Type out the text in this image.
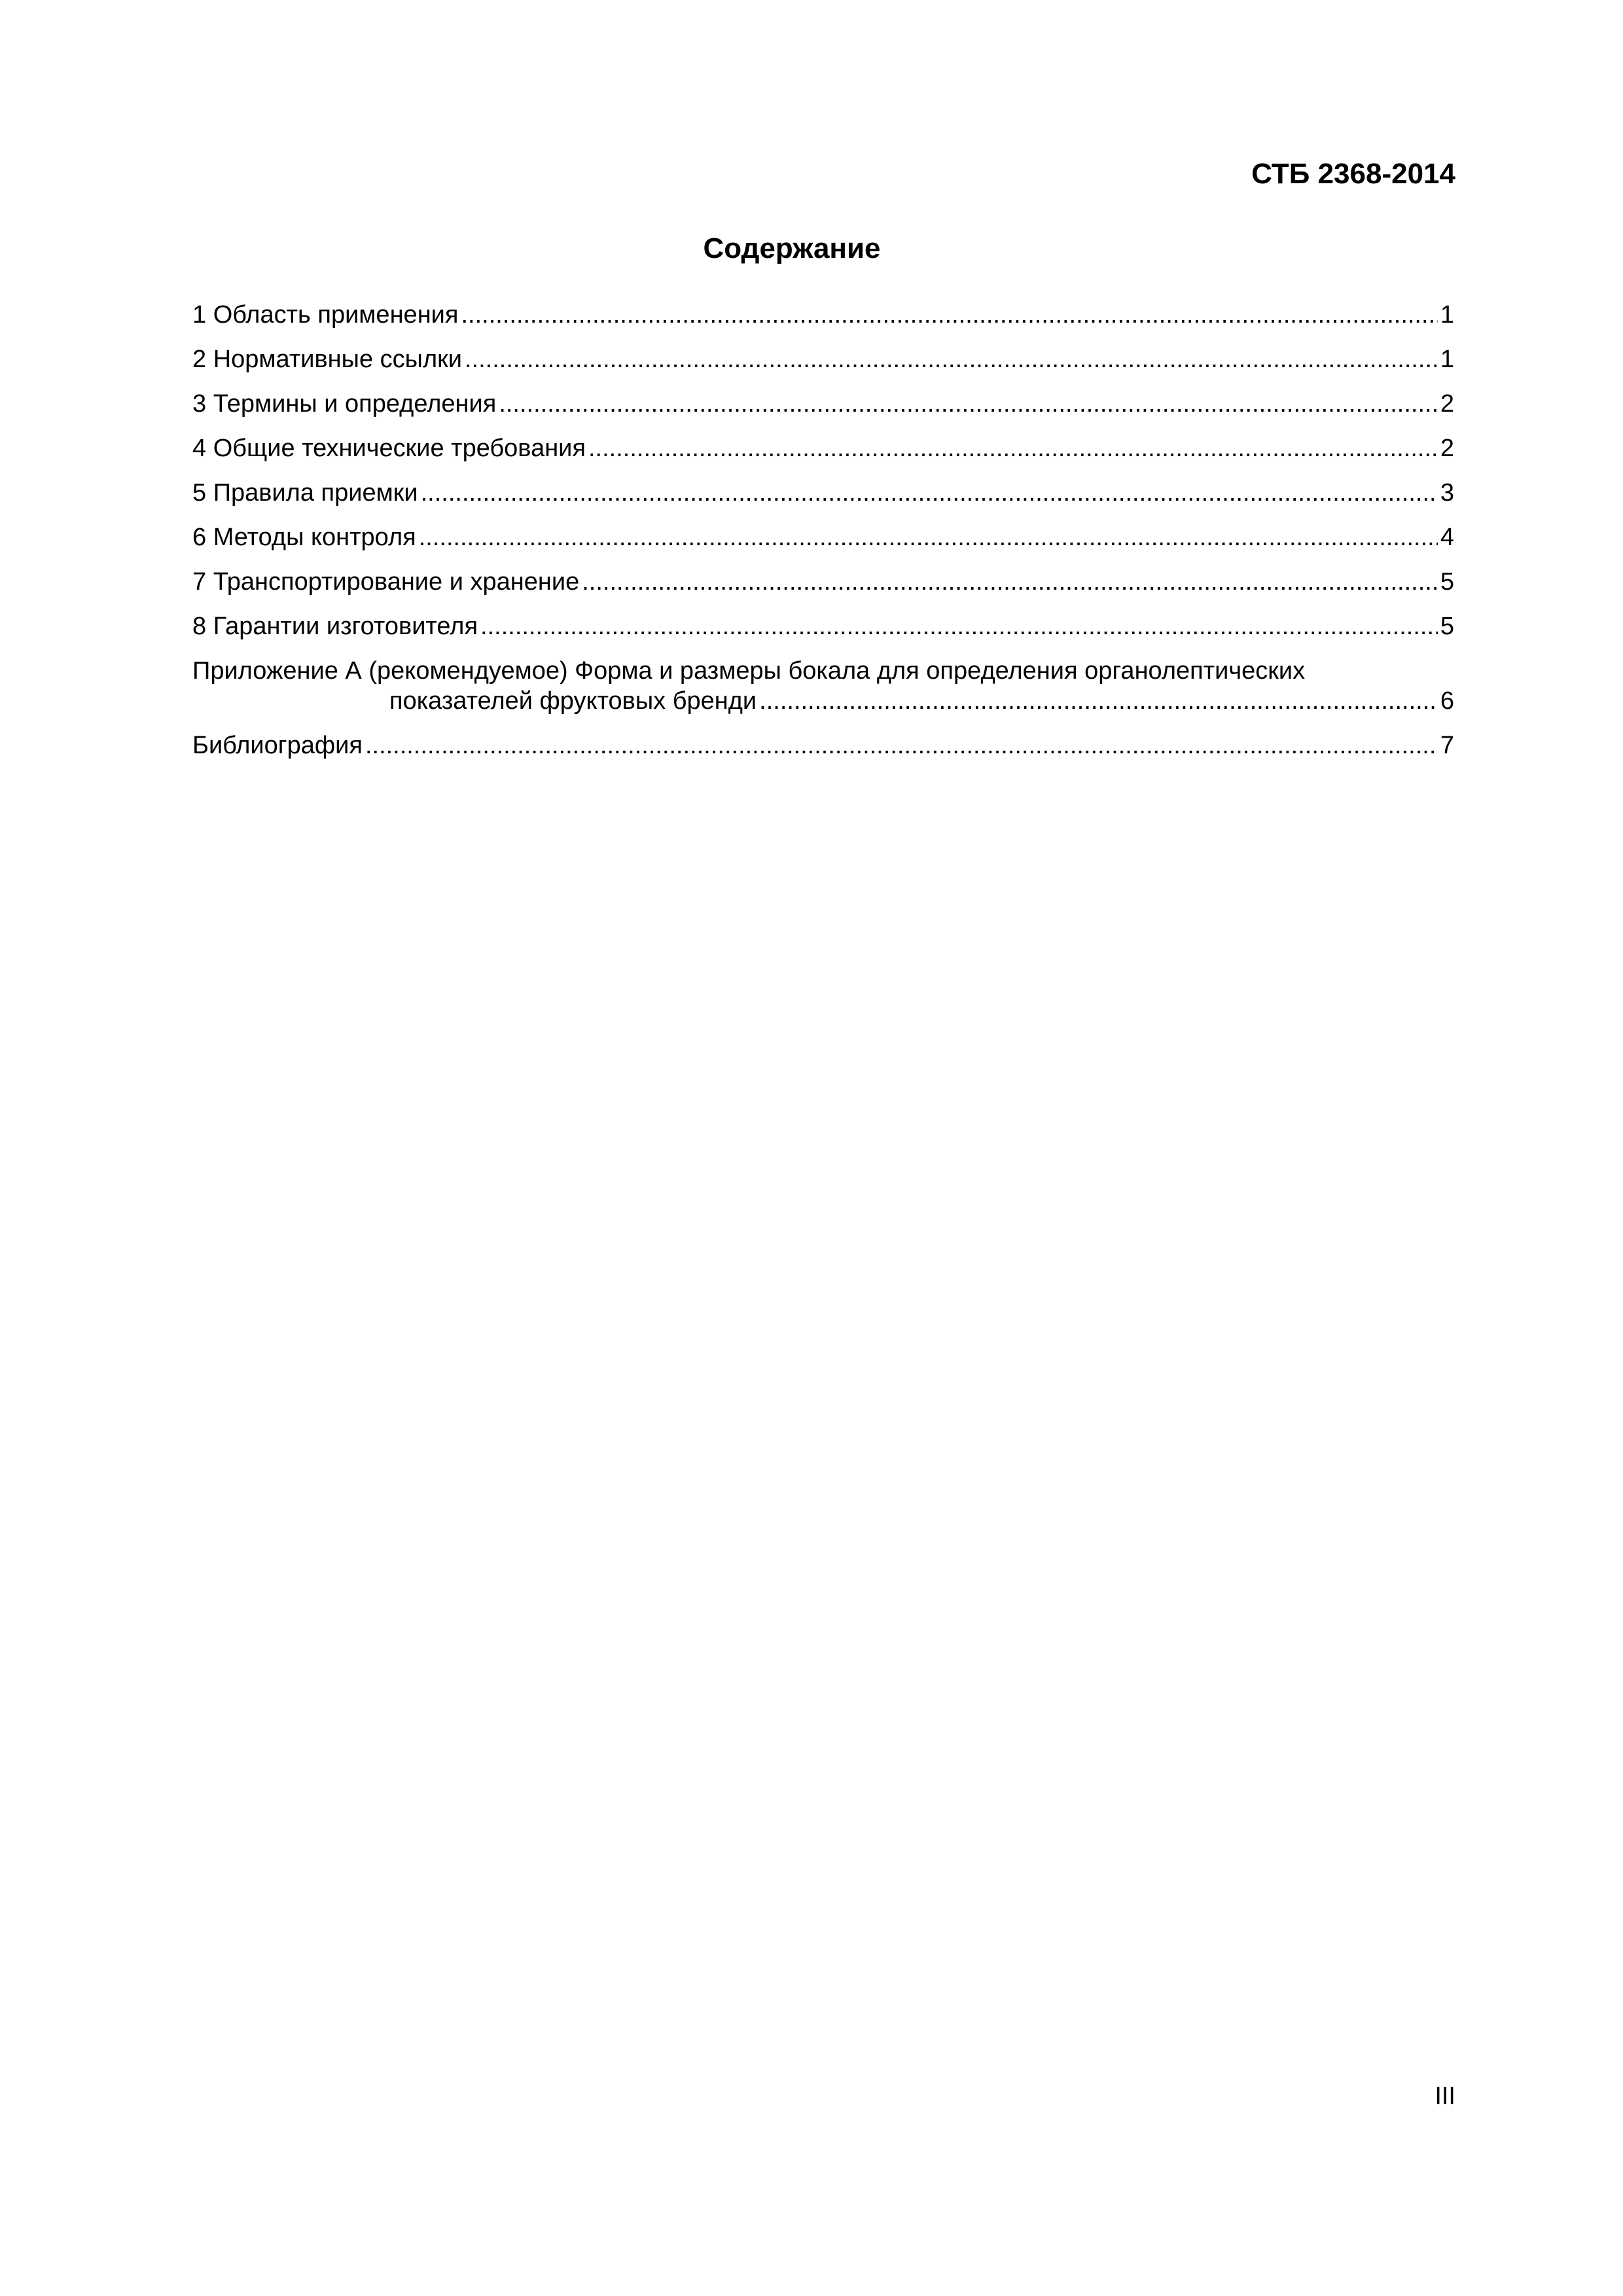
СТБ 2368-2014
Содержание
1 Область применения .....	1
2 Нормативные ссылки .....	1
3 Термины и определения .....	2
4 Общие технические требования .....	2
5 Правила приемки .....	3
6 Методы контроля .....	4
7 Транспортирование и хранение .....	5
8 Гарантии изготовителя .....	5
Приложение А (рекомендуемое) Форма и размеры бокала для определения органолептических
показателей фруктовых бренди .....	6
Библиография .....	7
III
